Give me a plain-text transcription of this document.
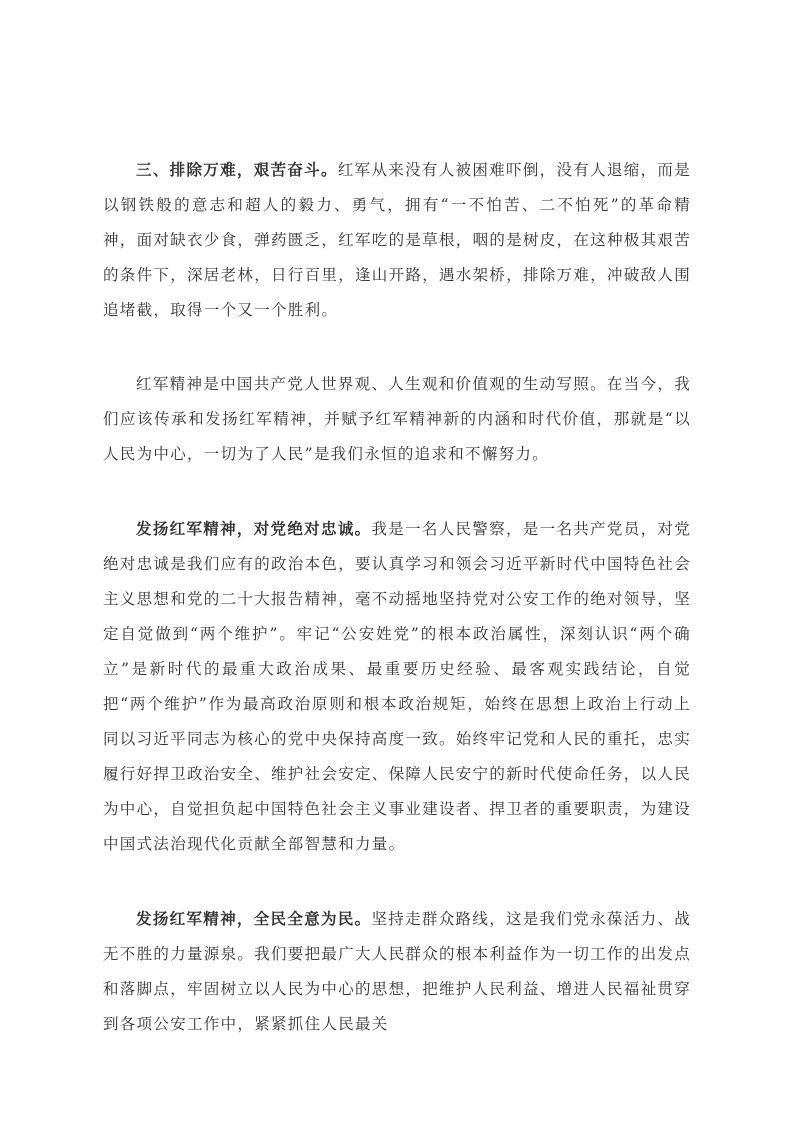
三、排除万难，艰苦奋斗。红军从来没有人被困难吓倒，没有人退缩，而是以钢铁般的意志和超人的毅力、勇气，拥有“一不怕苦、二不怕死”的革命精神，面对缺衣少食，弹药匮乏，红军吃的是草根，咽的是树皮，在这种极其艰苦的条件下，深居老林，日行百里，逢山开路，遇水架桥，排除万难，冲破敌人围追堵截，取得一个又一个胜利。

红军精神是中国共产党人世界观、人生观和价值观的生动写照。在当今，我们应该传承和发扬红军精神，并赋予红军精神新的内涵和时代价值，那就是“以人民为中心，一切为了人民”是我们永恒的追求和不懈努力。

发扬红军精神，对党绝对忠诚。我是一名人民警察，是一名共产党员，对党绝对忠诚是我们应有的政治本色，要认真学习和领会习近平新时代中国特色社会主义思想和党的二十大报告精神，毫不动摇地坚持党对公安工作的绝对领导，坚定自觉做到“两个维护”。牢记“公安姓党”的根本政治属性，深刻认识“两个确立”是新时代的最重大政治成果、最重要历史经验、最客观实践结论，自觉把“两个维护”作为最高政治原则和根本政治规矩，始终在思想上政治上行动上同以习近平同志为核心的党中央保持高度一致。始终牢记党和人民的重托，忠实履行好捍卫政治安全、维护社会安定、保障人民安宁的新时代使命任务，以人民为中心，自觉担负起中国特色社会主义事业建设者、捍卫者的重要职责，为建设中国式法治现代化贡献全部智慧和力量。

发扬红军精神，全民全意为民。坚持走群众路线，这是我们党永葆活力、战无不胜的力量源泉。我们要把最广大人民群众的根本利益作为一切工作的出发点和落脚点，牢固树立以人民为中心的思想，把维护人民利益、增进人民福祉贯穿到各项公安工作中，紧紧抓住人民最关
